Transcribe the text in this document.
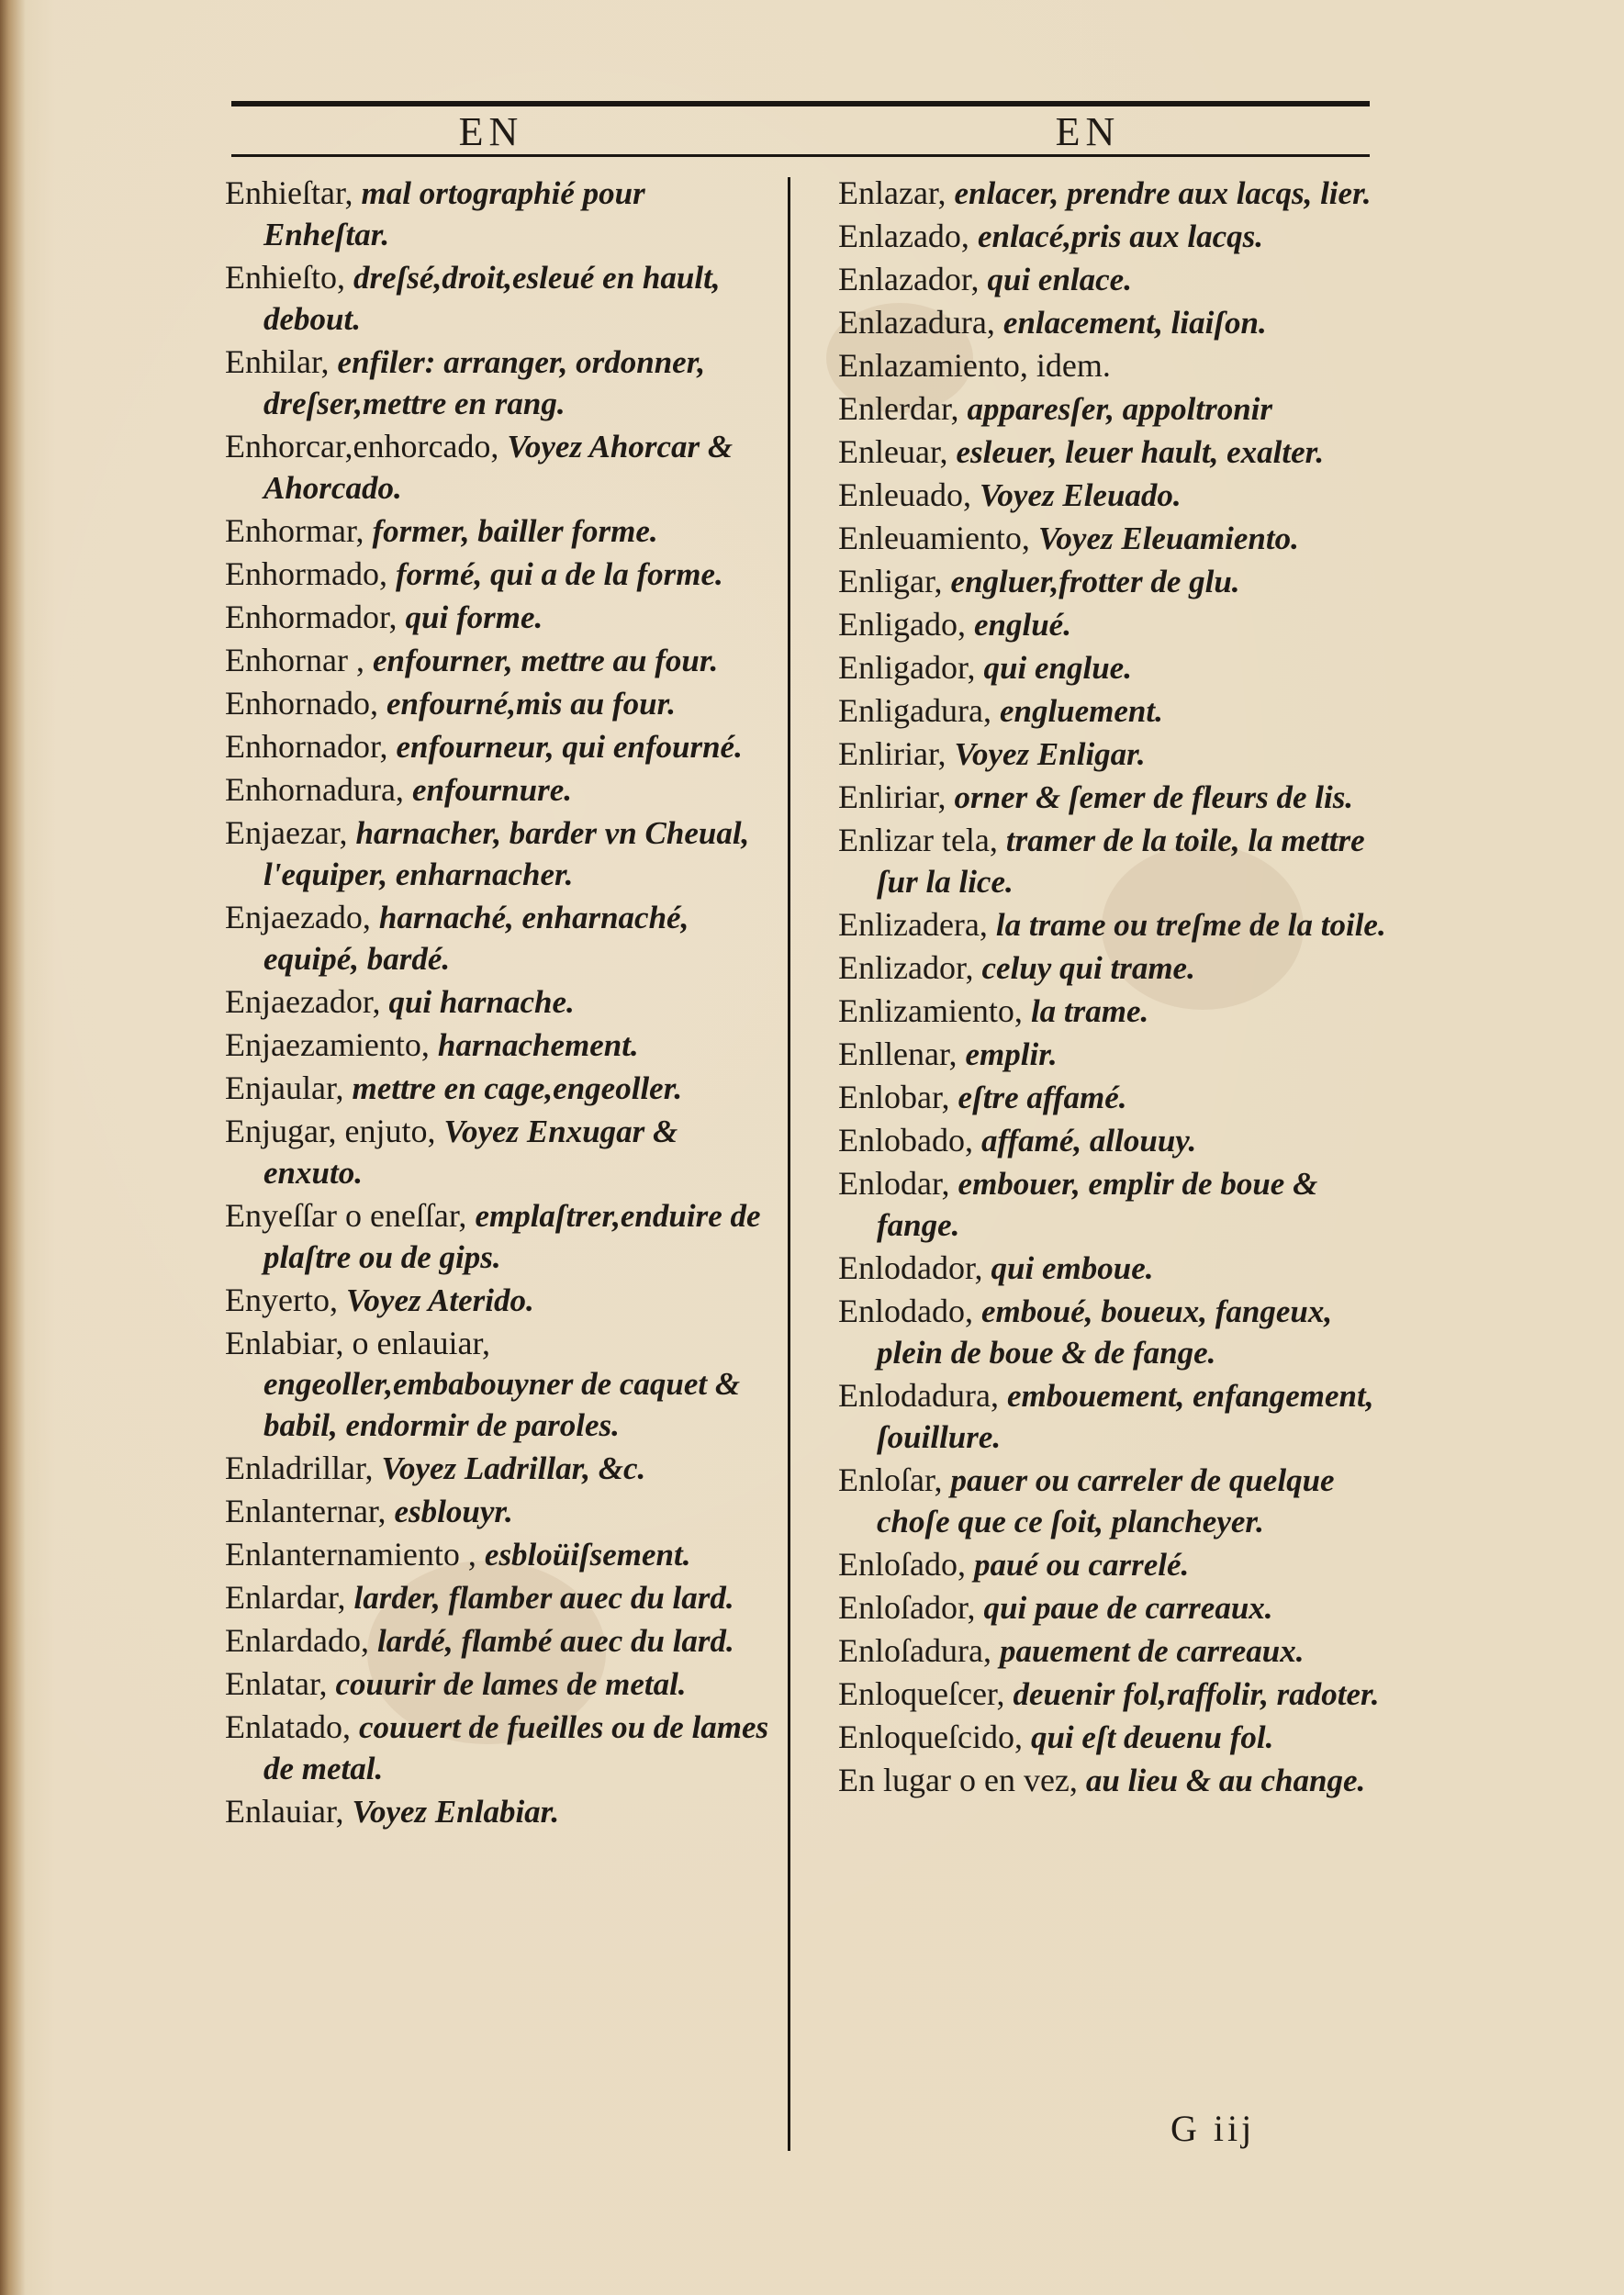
EN	EN
Enhieſtar, mal ortographié pour Enheſtar.
Enhieſto, dreſsé,droit,esleué en hault, debout.
Enhilar, enfiler: arranger, ordonner, dreſser,mettre en rang.
Enhorcar,enhorcado, Voyez Ahorcar & Ahorcado.
Enhormar, former, bailler forme.
Enhormado, formé, qui a de la forme.
Enhormador, qui forme.
Enhornar , enfourner, mettre au four.
Enhornado, enfourné,mis au four.
Enhornador, enfourneur, qui enfourné.
Enhornadura, enfournure.
Enjaezar, harnacher, barder vn Cheual, l'equiper, enharnacher.
Enjaezado, harnaché, enharnaché, equipé, bardé.
Enjaezador, qui harnache.
Enjaezamiento, harnachement.
Enjaular, mettre en cage,engeoller.
Enjugar, enjuto, Voyez Enxugar & enxuto.
Enyeſſar o eneſſar, emplaſtrer,enduire de plaſtre ou de gips.
Enyerto, Voyez Aterido.
Enlabiar, o enlauiar, engeoller,embabouyner de caquet & babil, endormir de paroles.
Enladrillar, Voyez Ladrillar, &c.
Enlanternar, esblouyr.
Enlanternamiento , esbloüiſsement.
Enlardar, larder, flamber auec du lard.
Enlardado, lardé, flambé auec du lard.
Enlatar, couurir de lames de metal.
Enlatado, couuert de fueilles ou de lames de metal.
Enlauiar, Voyez Enlabiar.
Enlazar, enlacer, prendre aux lacqs, lier.
Enlazado, enlacé,pris aux lacqs.
Enlazador, qui enlace.
Enlazadura, enlacement, liaiſon.
Enlazamiento, idem.
Enlerdar, apparesſer, appoltronir
Enleuar, esleuer, leuer hault, exalter.
Enleuado, Voyez Eleuado.
Enleuamiento, Voyez Eleuamiento.
Enligar, engluer,frotter de glu.
Enligado, englué.
Enligador, qui englue.
Enligadura, engluement.
Enliriar, Voyez Enligar.
Enliriar, orner & ſemer de fleurs de lis.
Enlizar tela, tramer de la toile, la mettre ſur la lice.
Enlizadera, la trame ou treſme de la toile.
Enlizador, celuy qui trame.
Enlizamiento, la trame.
Enllenar, emplir.
Enlobar, eſtre affamé.
Enlobado, affamé, allouuy.
Enlodar, embouer, emplir de boue & fange.
Enlodador, qui emboue.
Enlodado, emboué, boueux, fangeux, plein de boue & de fange.
Enlodadura, embouement, enfangement, ſouillure.
Enloſar, pauer ou carreler de quelque choſe que ce ſoit, plancheyer.
Enloſado, paué ou carrelé.
Enloſador, qui paue de carreaux.
Enloſadura, pauement de carreaux.
Enloqueſcer, deuenir fol,raffolir, radoter.
Enloqueſcido, qui eſt deuenu fol.
En lugar o en vez, au lieu & au change.
G iij
